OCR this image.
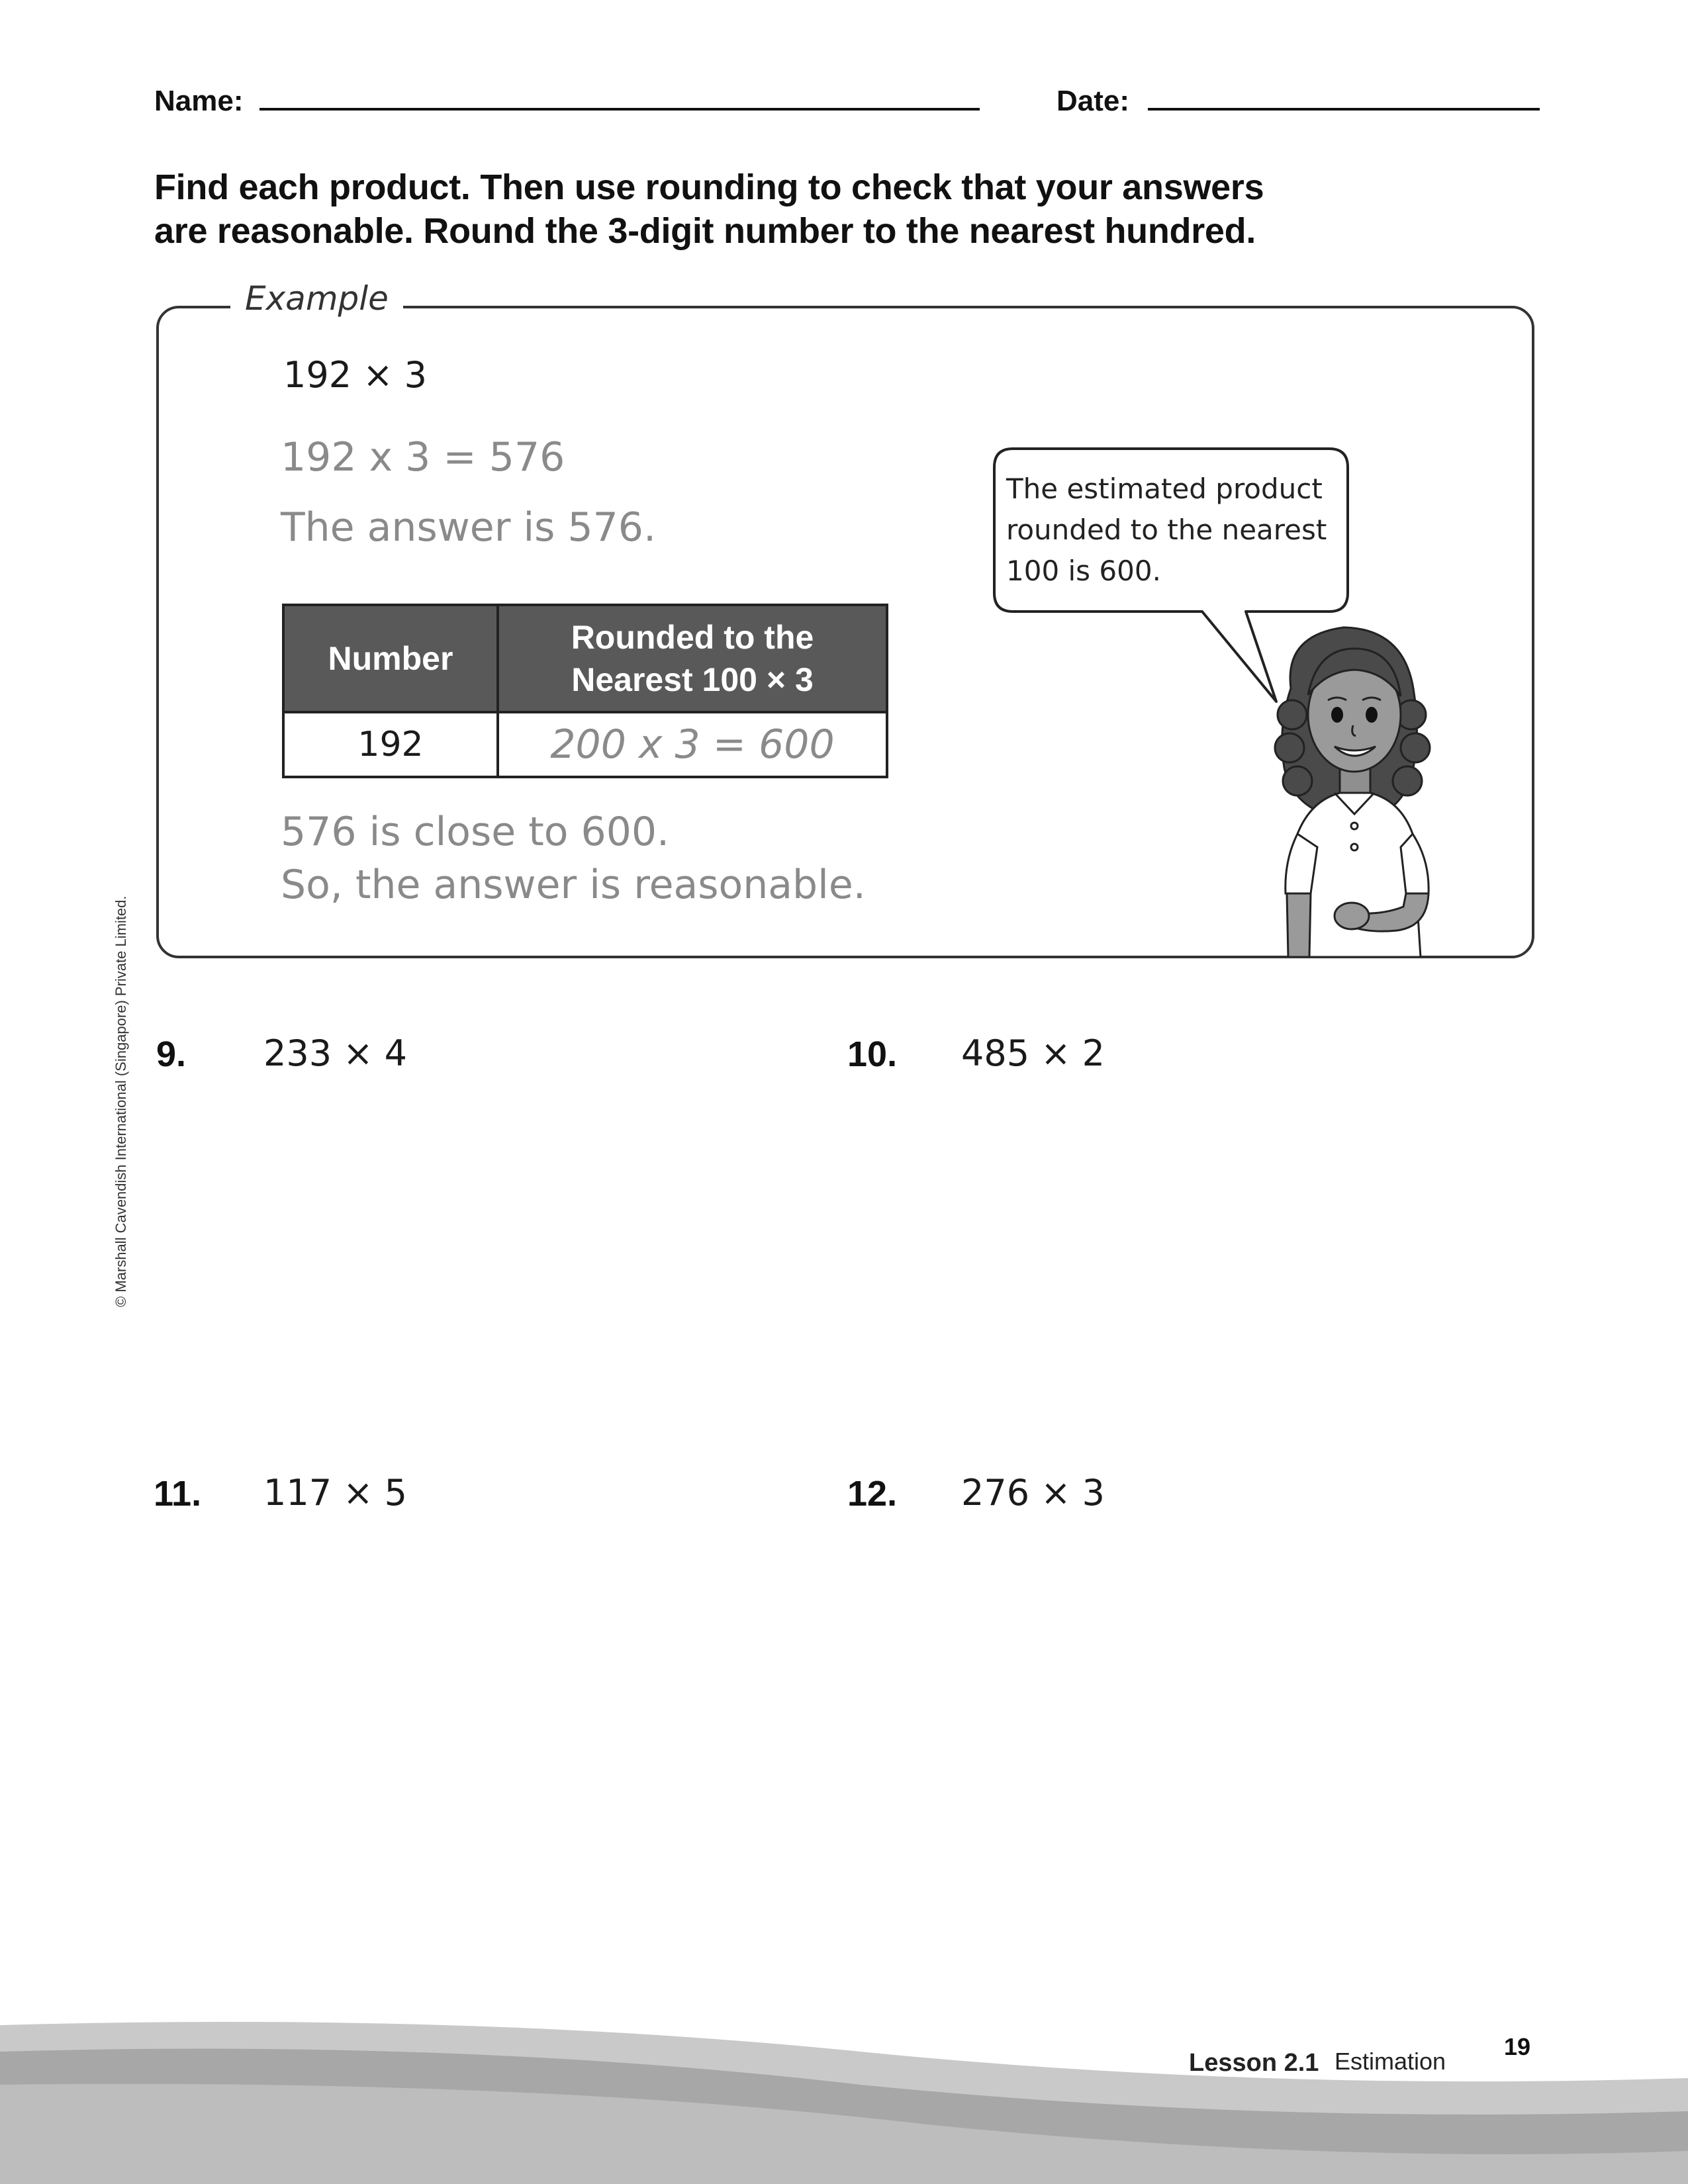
Name:	Date:
Find each product. Then use rounding to check that your answers
are reasonable. Round the 3-digit number to the nearest hundred.
© Marshall Cavendish International (Singapore) Private Limited.
Example
192 × 3
192 x 3 = 576
The answer is 576.
Number	Rounded to the
Nearest 100 × 3

192	200 x 3 = 600
576 is close to 600.
So, the answer is reasonable.
The estimated product
rounded to the nearest
100 is 600.
9. 233 × 4	10. 485 × 2
11. 117 × 5	12. 276 × 3
Lesson 2.1 Estimation
19
